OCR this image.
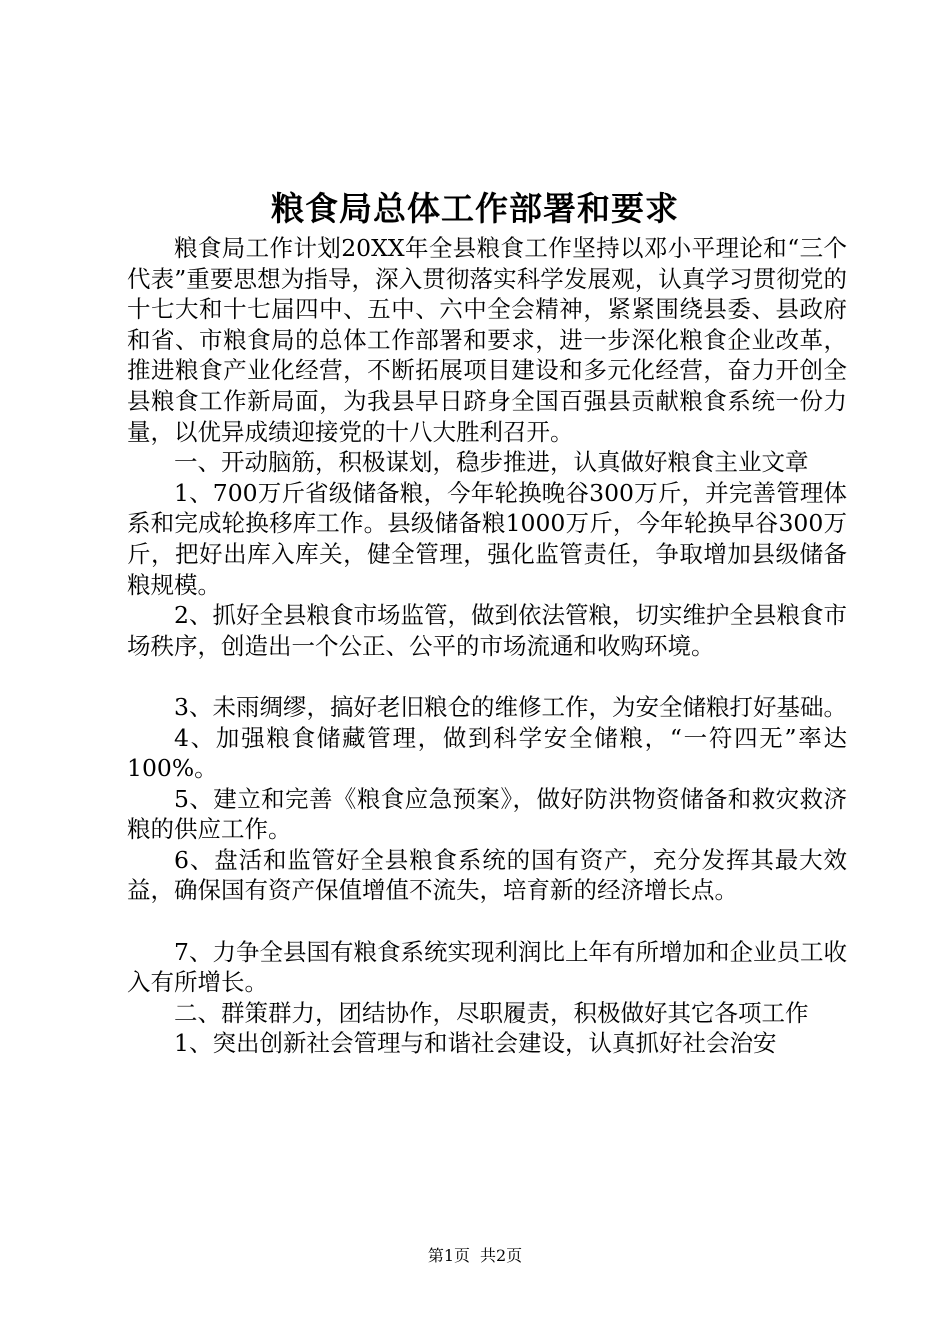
粮食局总体工作部署和要求

粮食局工作计划20XX年全县粮食工作坚持以邓小平理论和“三个代表”重要思想为指导，深入贯彻落实科学发展观，认真学习贯彻党的十七大和十七届四中、五中、六中全会精神，紧紧围绕县委、县政府和省、市粮食局的总体工作部署和要求，进一步深化粮食企业改革，推进粮食产业化经营，不断拓展项目建设和多元化经营，奋力开创全县粮食工作新局面，为我县早日跻身全国百强县贡献粮食系统一份力量，以优异成绩迎接党的十八大胜利召开。

一、开动脑筋，积极谋划，稳步推进，认真做好粮食主业文章

1、700万斤省级储备粮，今年轮换晚谷300万斤，并完善管理体系和完成轮换移库工作。县级储备粮1000万斤，今年轮换早谷300万斤，把好出库入库关，健全管理，强化监管责任，争取增加县级储备粮规模。

2、抓好全县粮食市场监管，做到依法管粮，切实维护全县粮食市场秩序，创造出一个公正、公平的市场流通和收购环境。

3、未雨绸缪，搞好老旧粮仓的维修工作，为安全储粮打好基础。

4、加强粮食储藏管理，做到科学安全储粮，“一符四无”率达100%。

5、建立和完善《粮食应急预案》，做好防洪物资储备和救灾救济粮的供应工作。

6、盘活和监管好全县粮食系统的国有资产，充分发挥其最大效益，确保国有资产保值增值不流失，培育新的经济增长点。

7、力争全县国有粮食系统实现利润比上年有所增加和企业员工收入有所增长。

二、群策群力，团结协作，尽职履责，积极做好其它各项工作

1、突出创新社会管理与和谐社会建设，认真抓好社会治安

第1页 共2页
